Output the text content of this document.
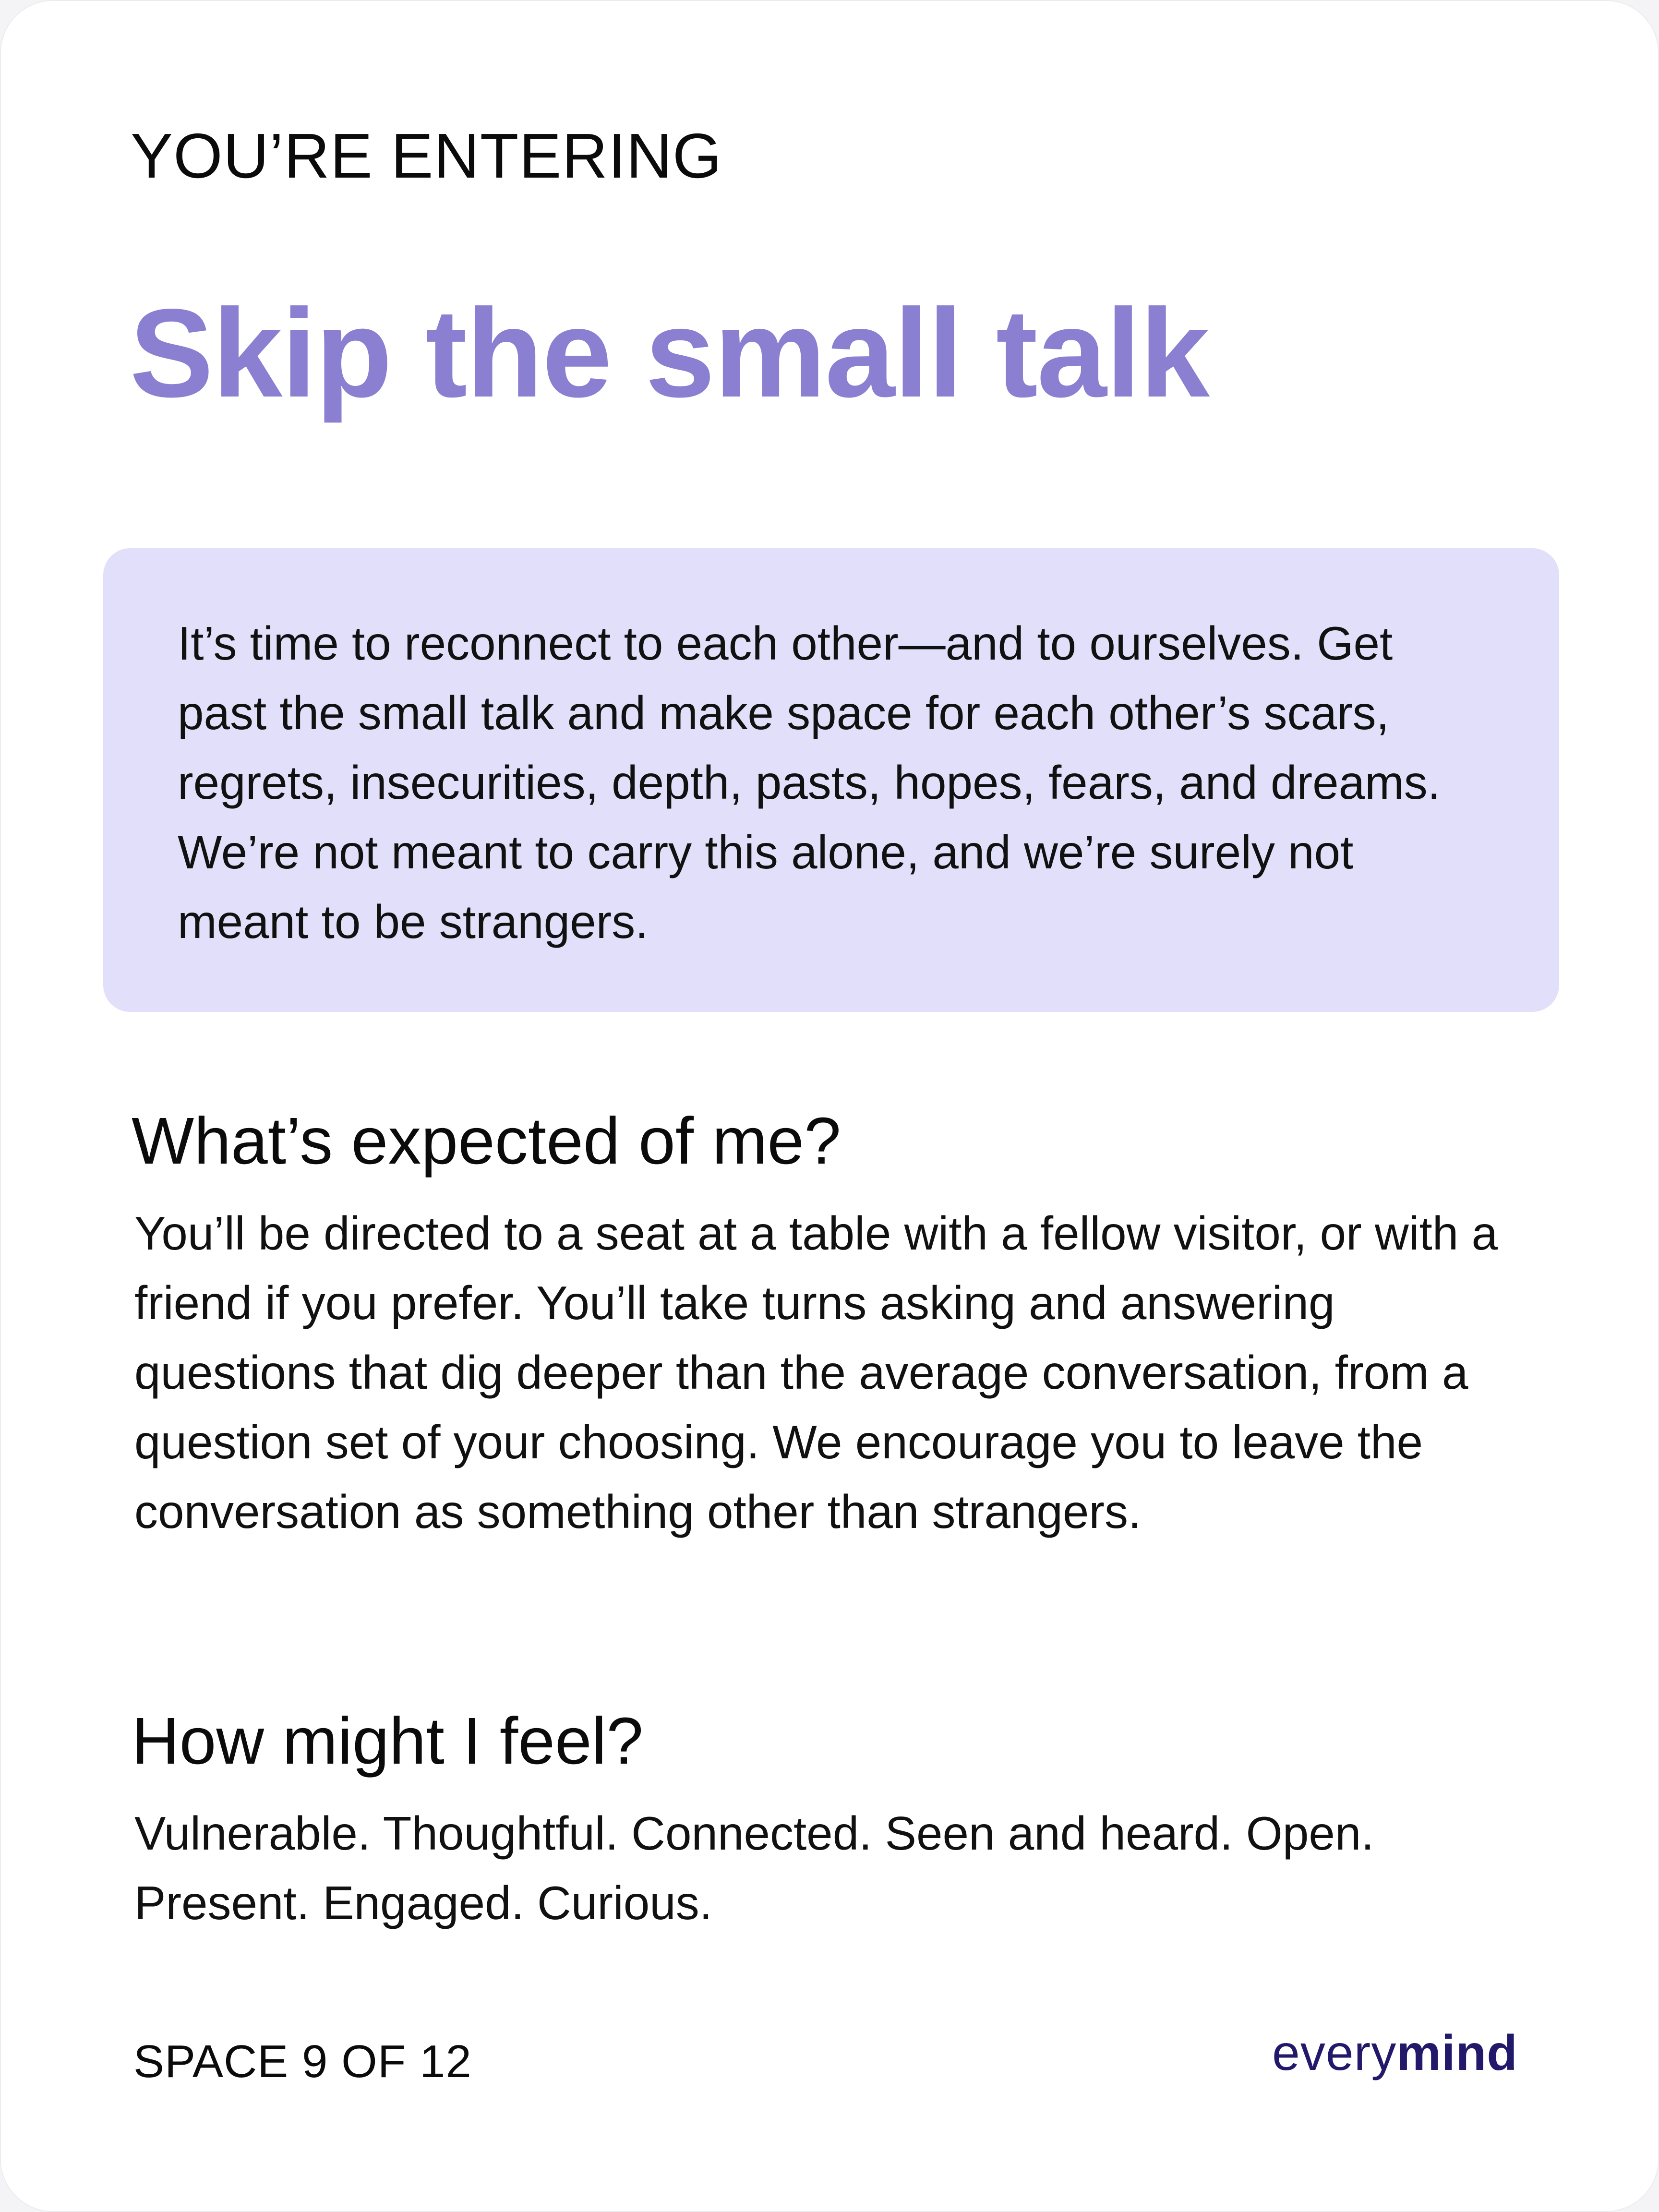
YOU’RE ENTERING
Skip the small talk

It’s time to reconnect to each other—and to ourselves. Get past the small talk and make space for each other’s scars, regrets, insecurities, depth, pasts, hopes, fears, and dreams. We’re not meant to carry this alone, and we’re surely not meant to be strangers.

What’s expected of me?

You’ll be directed to a seat at a table with a fellow visitor, or with a friend if you prefer. You’ll take turns asking and answering questions that dig deeper than the average conversation, from a question set of your choosing. We encourage you to leave the conversation as something other than strangers.

How might I feel?

Vulnerable. Thoughtful. Connected. Seen and heard. Open. Present. Engaged. Curious.

SPACE 9 OF 12	everymind
